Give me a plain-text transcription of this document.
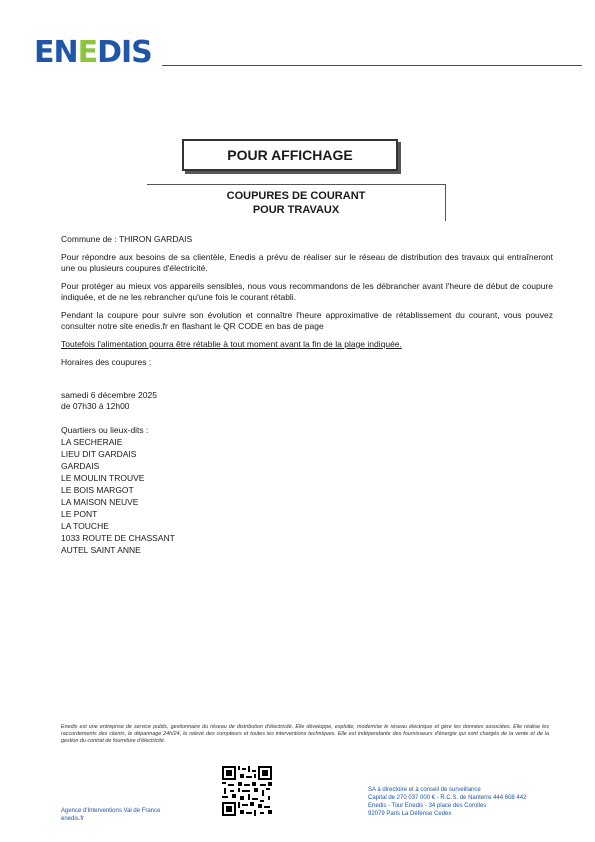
ENEDIS
POUR AFFICHAGE
COUPURES DE COURANT
POUR TRAVAUX

Commune de : THIRON GARDAIS

Pour répondre aux besoins de sa clientèle, Enedis a prévu de réaliser sur le réseau de distribution des travaux qui entraîneront une ou plusieurs coupures d'électricité.

Pour protéger au mieux vos appareils sensibles, nous vous recommandons de les débrancher avant l'heure de début de coupure indiquée, et de ne les rebrancher qu'une fois le courant rétabli.

Pendant la coupure pour suivre son évolution et connaître l'heure approximative de rétablissement du courant, vous pouvez consulter notre site enedis.fr en flashant le QR CODE en bas de page

Toutefois l'alimentation pourra être rétablie à tout moment avant la fin de la plage indiquée.

Horaires des coupures :

samedi 6 décembre 2025
de 07h30 à 12h00
Quartiers ou lieux-dits :
LA SECHERAIE
LIEU DIT GARDAIS
GARDAIS
LE MOULIN TROUVE
LE BOIS MARGOT
LA MAISON NEUVE
LE PONT
LA TOUCHE
1033 ROUTE DE CHASSANT
AUTEL SAINT ANNE
Enedis est une entreprise de service public, gestionnaire du réseau de distribution d'électricité. Elle développe, exploite, modernise le réseau électrique et gère les données associées. Elle réalise les raccordements des clients, le dépannage 24h/24, le relevé des compteurs et toutes les interventions techniques. Elle est indépendante des fournisseurs d'énergie qui sont chargés de la vente et de la gestion du contrat de fourniture d'électricité.
Agence d'Interventions Val de France
enedis.fr
SA à directoire et à conseil de surveillance
Capital de 270 037 000 € - R.C.S. de Nanterre 444 608 442
Enedis - Tour Enedis - 34 place des Corolles
92079 Paris La Défense Cedex
